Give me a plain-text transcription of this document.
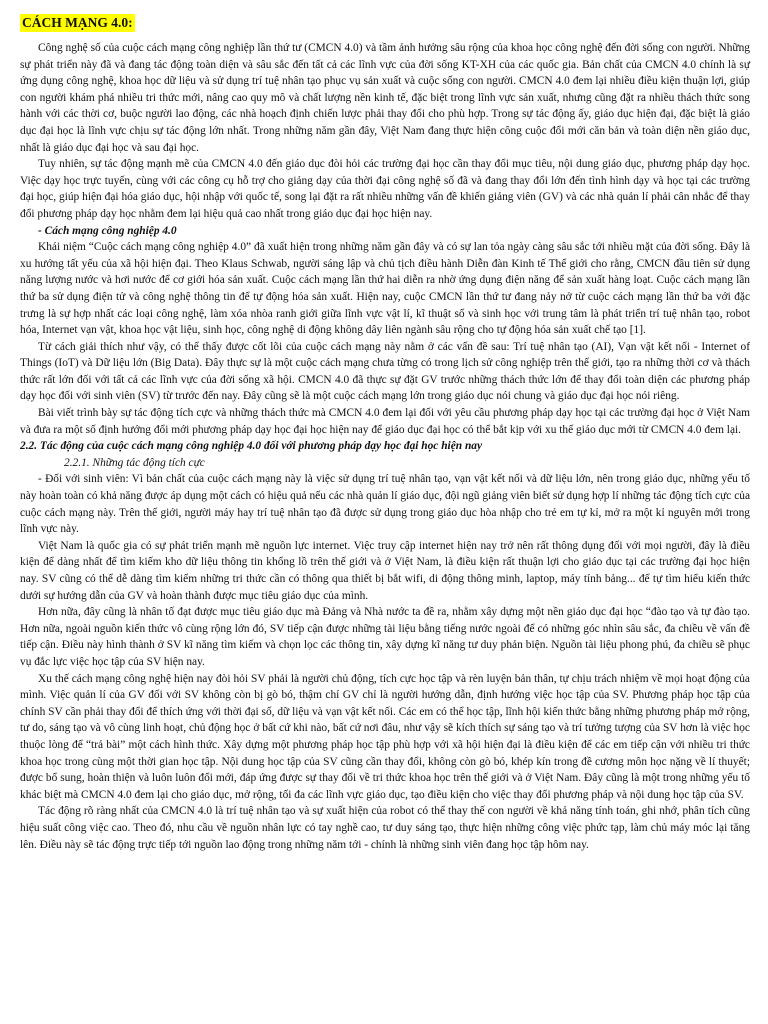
CÁCH MẠNG 4.0:

Công nghệ số của cuộc cách mạng công nghiệp lần thứ tư (CMCN 4.0) và tầm ảnh hưởng sâu rộng của khoa học công nghệ đến đời sống con người. Những sự phát triển này đã và đang tác động toàn diện và sâu sắc đến tất cả các lĩnh vực của đời sống KT-XH của các quốc gia. Bản chất của CMCN 4.0 chính là sự ứng dụng công nghệ, khoa học dữ liệu và sử dụng trí tuệ nhân tạo phục vụ sản xuất và cuộc sống con người. CMCN 4.0 đem lại nhiều điều kiện thuận lợi, giúp con người khám phá nhiều tri thức mới, nâng cao quy mô và chất lượng nền kinh tế, đặc biệt trong lĩnh vực sản xuất, nhưng cũng đặt ra nhiều thách thức song hành với các thời cơ, buộc người lao động, các nhà hoạch định chiến lược phải thay đổi cho phù hợp. Trong sự tác động ấy, giáo dục hiện đại, đặc biệt là giáo dục đại học là lĩnh vực chịu sự tác động lớn nhất. Trong những năm gần đây, Việt Nam đang thực hiện công cuộc đổi mới căn bản và toàn diện nền giáo dục, nhất là giáo dục đại học và sau đại học.

Tuy nhiên, sự tác động mạnh mẽ của CMCN 4.0 đến giáo dục đòi hỏi các trường đại học cần thay đổi mục tiêu, nội dung giáo dục, phương pháp dạy học. Việc dạy học trực tuyến, cùng với các công cụ hỗ trợ cho giảng dạy của thời đại công nghệ số đã và đang thay đổi lớn đến tình hình dạy và học tại các trường đại học, giúp hiện đại hóa giáo dục, hội nhập với quốc tế, song lại đặt ra rất nhiều những vấn đề khiến giảng viên (GV) và các nhà quản lí phải cân nhắc để thay đổi phương pháp dạy học nhằm đem lại hiệu quả cao nhất trong giáo dục đại học hiện nay.

- Cách mạng công nghiệp 4.0

Khái niệm “Cuộc cách mạng công nghiệp 4.0” đã xuất hiện trong những năm gần đây và có sự lan tỏa ngày càng sâu sắc tới nhiều mặt của đời sống. Đây là xu hướng tất yếu của xã hội hiện đại. Theo Klaus Schwab, người sáng lập và chủ tịch điều hành Diễn đàn Kinh tế Thế giới cho rằng, CMCN đầu tiên sử dụng năng lượng nước và hơi nước để cơ giới hóa sản xuất. Cuộc cách mạng lần thứ hai diễn ra nhờ ứng dụng điện năng để sản xuất hàng loạt. Cuộc cách mạng lần thứ ba sử dụng điện tử và công nghệ thông tin để tự động hóa sản xuất. Hiện nay, cuộc CMCN lần thứ tư đang nảy nở từ cuộc cách mạng lần thứ ba với đặc trưng là sự hợp nhất các loại công nghệ, làm xóa nhòa ranh giới giữa lĩnh vực vật lí, kĩ thuật số và sinh học với trung tâm là phát triển trí tuệ nhân tạo, robot hóa, Internet vạn vật, khoa học vật liệu, sinh học, công nghệ di động không dây liên ngành sâu rộng cho tự động hóa sản xuất chế tạo [1].

Từ cách giải thích như vậy, có thể thấy được cốt lõi của cuộc cách mạng này nằm ở các vấn đề sau: Trí tuệ nhân tạo (AI), Vạn vật kết nối - Internet of Things (IoT) và Dữ liệu lớn (Big Data). Đây thực sự là một cuộc cách mạng chưa từng có trong lịch sử công nghiệp trên thế giới, tạo ra những thời cơ và thách thức rất lớn đối với tất cả các lĩnh vực của đời sống xã hội. CMCN 4.0 đã thực sự đặt GV trước những thách thức lớn để thay đổi toàn diện các phương pháp dạy học đối với sinh viên (SV) từ trước đến nay. Đây cũng sẽ là một cuộc cách mạng lớn trong giáo dục nói chung và giáo dục đại học nói riêng.

Bài viết trình bày sự tác động tích cực và những thách thức mà CMCN 4.0 đem lại đối với yêu cầu phương pháp dạy học tại các trường đại học ở Việt Nam và đưa ra một số định hướng đổi mới phương pháp dạy học đại học hiện nay để giáo dục đại học có thể bắt kịp với xu thế giáo dục mới từ CMCN 4.0 đem lại.

2.2. Tác động của cuộc cách mạng công nghiệp 4.0 đối với phương pháp dạy học đại học hiện nay
2.2.1. Những tác động tích cực

- Đối với sinh viên: Vì bản chất của cuộc cách mạng này là việc sử dụng trí tuệ nhân tạo, vạn vật kết nối và dữ liệu lớn, nên trong giáo dục, những yếu tố này hoàn toàn có khả năng được áp dụng một cách có hiệu quả nếu các nhà quản lí giáo dục, đội ngũ giảng viên biết sử dụng hợp lí những tác động tích cực của cuộc cách mạng này. Trên thế giới, người máy hay trí tuệ nhân tạo đã được sử dụng trong giáo dục hòa nhập cho trẻ em tự kỉ, mở ra một kỉ nguyên mới trong lĩnh vực này.

Việt Nam là quốc gia có sự phát triển mạnh mẽ nguồn lực internet. Việc truy cập internet hiện nay trở nên rất thông dụng đối với mọi người, đây là điều kiện để dàng nhất để tìm kiếm kho dữ liệu thông tin khổng lồ trên thế giới và ở Việt Nam, là điều kiện rất thuận lợi cho giáo dục tại các trường đại học hiện nay. SV cũng có thể dễ dàng tìm kiếm những tri thức cần có thông qua thiết bị bắt wifi, di động thông minh, laptop, máy tính bảng... để tự tìm hiểu kiến thức dưới sự hướng dẫn của GV và hoàn thành được mục tiêu giáo dục của mình.

Hơn nữa, đây cũng là nhân tố đạt được mục tiêu giáo dục mà Đảng và Nhà nước ta đề ra, nhằm xây dựng một nền giáo dục đại học “đào tạo và tự đào tạo. Hơn nữa, ngoài nguồn kiến thức vô cùng rộng lớn đó, SV tiếp cận được những tài liệu bằng tiếng nước ngoài để có những góc nhìn sâu sắc, đa chiều về vấn đề tiếp cận. Điều này hình thành ở SV kĩ năng tìm kiếm và chọn lọc các thông tin, xây dựng kĩ năng tư duy phản biện. Nguồn tài liệu phong phú, đa chiều sẽ phục vụ đắc lực việc học tập của SV hiện nay.

Xu thế cách mạng công nghệ hiện nay đòi hỏi SV phải là người chủ động, tích cực học tập và rèn luyện bản thân, tự chịu trách nhiệm về mọi hoạt động của mình. Việc quản lí của GV đối với SV không còn bị gò bó, thậm chí GV chỉ là người hướng dẫn, định hướng việc học tập của SV. Phương pháp học tập của chính SV cần phải thay đổi để thích ứng với thời đại số, dữ liệu và vạn vật kết nối. Các em có thể học tập, lĩnh hội kiến thức bằng những phương pháp mở rộng, tư do, sáng tạo và vô cùng linh hoạt, chủ động học ở bất cứ khi nào, bất cứ nơi đâu, như vậy sẽ kích thích sự sáng tạo và trí tưởng tượng của SV hơn là việc học thuộc lòng để “trả bài” một cách hình thức. Xây dựng một phương pháp học tập phù hợp với xã hội hiện đại là điều kiện để các em tiếp cận với nhiều tri thức khoa học trong cùng một thời gian học tập. Nội dung học tập của SV cũng cần thay đổi, không còn gò bó, khép kín trong đề cương môn học nặng về lí thuyết; được bổ sung, hoàn thiện và luôn luôn đổi mới, đáp ứng được sự thay đổi về tri thức khoa học trên thế giới và ở Việt Nam. Đây cũng là một trong những yếu tố khác biệt mà CMCN 4.0 đem lại cho giáo dục, mở rộng, tối đa các lĩnh vực giáo dục, tạo điều kiện cho việc thay đổi phương pháp và nội dung học tập của SV.

Tác động rõ ràng nhất của CMCN 4.0 là trí tuệ nhân tạo và sự xuất hiện của robot có thể thay thế con người về khả năng tính toán, ghi nhớ, phân tích cũng hiệu suất công việc cao. Theo đó, nhu cầu về nguồn nhân lực có tay nghề cao, tư duy sáng tạo, thực hiện những công việc phức tạp, làm chủ máy móc lại tăng lên. Điều này sẽ tác động trực tiếp tới nguồn lao động trong những năm tới - chính là những sinh viên đang học tập hôm nay.
